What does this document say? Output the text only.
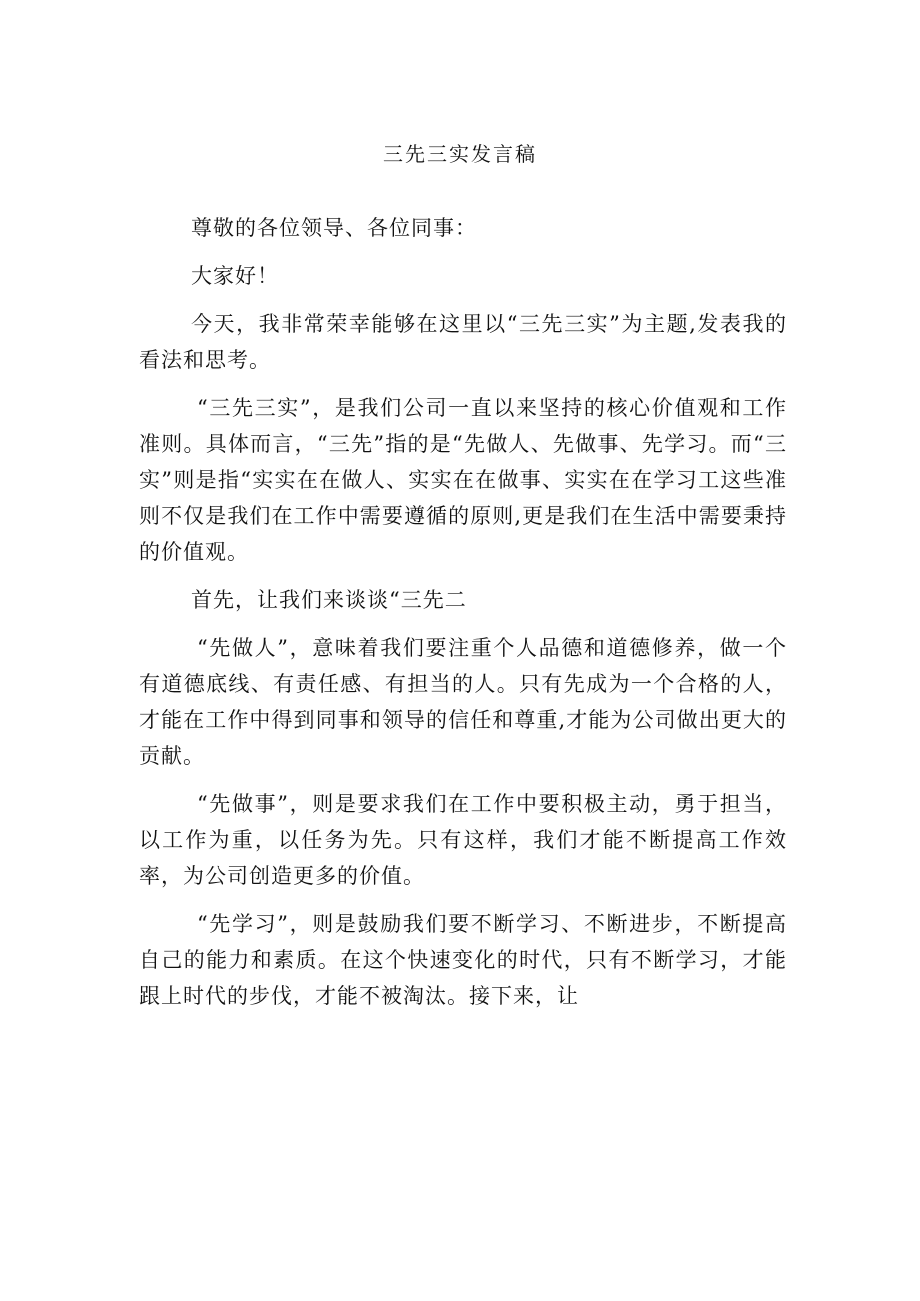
三先三实发言稿

尊敬的各位领导、各位同事：

大家好！

今天，我非常荣幸能够在这里以“三先三实”为主题,发表我的看法和思考。

“三先三实”，是我们公司一直以来坚持的核心价值观和工作准则。具体而言，“三先”指的是“先做人、先做事、先学习。而“三实”则是指“实实在在做人、实实在在做事、实实在在学习工这些准则不仅是我们在工作中需要遵循的原则,更是我们在生活中需要秉持的价值观。

首先，让我们来谈谈“三先二

“先做人”，意味着我们要注重个人品德和道德修养，做一个有道德底线、有责任感、有担当的人。只有先成为一个合格的人，才能在工作中得到同事和领导的信任和尊重,才能为公司做出更大的贡献。

“先做事”，则是要求我们在工作中要积极主动，勇于担当，以工作为重，以任务为先。只有这样，我们才能不断提高工作效率，为公司创造更多的价值。

“先学习”，则是鼓励我们要不断学习、不断进步，不断提高自己的能力和素质。在这个快速变化的时代，只有不断学习，才能跟上时代的步伐，才能不被淘汰。接下来，让
